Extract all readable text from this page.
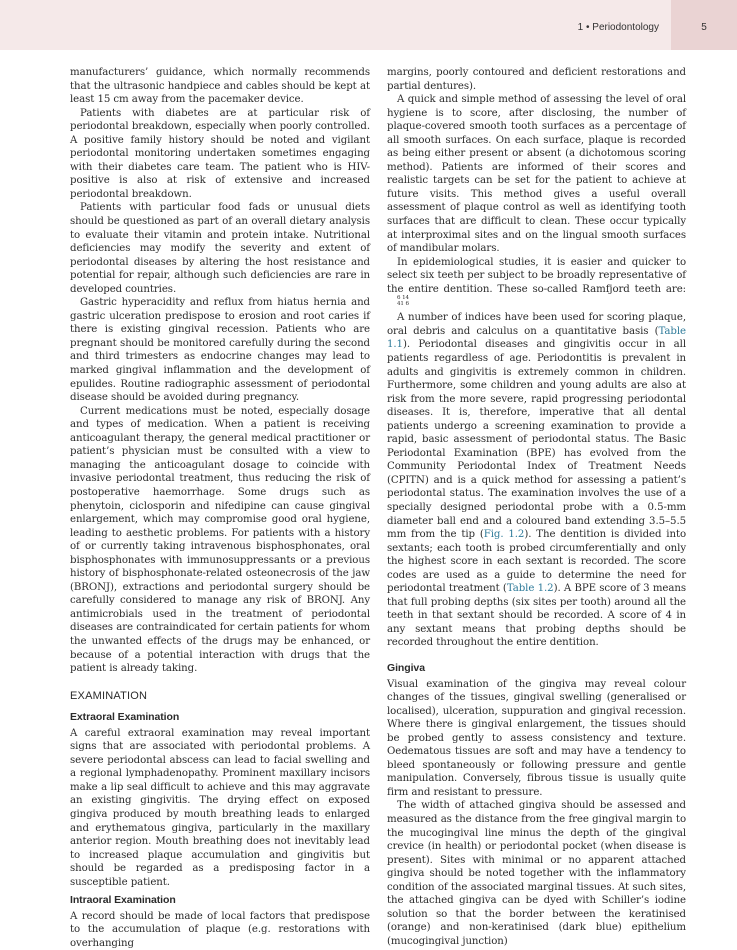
1 • Periodontology	5

manufacturers’ guidance, which normally recommends that the ultrasonic handpiece and cables should be kept at least 15 cm away from the pacemaker device.

Patients with diabetes are at particular risk of periodontal breakdown, especially when poorly controlled. A positive family history should be noted and vigilant periodontal monitoring undertaken sometimes engaging with their diabetes care team. The patient who is HIV-positive is also at risk of extensive and increased periodontal breakdown.

Patients with particular food fads or unusual diets should be questioned as part of an overall dietary analysis to evaluate their vitamin and protein intake. Nutritional deficiencies may modify the severity and extent of periodontal diseases by altering the host resistance and potential for repair, although such deficiencies are rare in developed countries.

Gastric hyperacidity and reflux from hiatus hernia and gastric ulceration predispose to erosion and root caries if there is existing gingival recession. Patients who are pregnant should be monitored carefully during the second and third trimesters as endocrine changes may lead to marked gingival inflammation and the development of epulides. Routine radiographic assessment of periodontal disease should be avoided during pregnancy.

Current medications must be noted, especially dosage and types of medication. When a patient is receiving anticoagulant therapy, the general medical practitioner or patient’s physician must be consulted with a view to managing the anticoagulant dosage to coincide with invasive periodontal treatment, thus reducing the risk of postoperative haemorrhage. Some drugs such as phenytoin, ciclosporin and nifedipine can cause gingival enlargement, which may compromise good oral hygiene, leading to aesthetic problems. For patients with a history of or currently taking intravenous bisphosphonates, oral bisphosphonates with immunosuppressants or a previous history of bisphosphonate-related osteonecrosis of the jaw (BRONJ), extractions and periodontal surgery should be carefully considered to manage any risk of BRONJ. Any antimicrobials used in the treatment of periodontal diseases are contraindicated for certain patients for whom the unwanted effects of the drugs may be enhanced, or because of a potential interaction with drugs that the patient is already taking.

EXAMINATION
Extraoral Examination

A careful extraoral examination may reveal important signs that are associated with periodontal problems. A severe periodontal abscess can lead to facial swelling and a regional lymphadenopathy. Prominent maxillary incisors make a lip seal difficult to achieve and this may aggravate an existing gingivitis. The drying effect on exposed gingiva produced by mouth breathing leads to enlarged and erythematous gingiva, particularly in the maxillary anterior region. Mouth breathing does not inevitably lead to increased plaque accumulation and gingivitis but should be regarded as a predisposing factor in a susceptible patient.

Intraoral Examination

A record should be made of local factors that predispose to the accumulation of plaque (e.g. restorations with overhanging

margins, poorly contoured and deficient restorations and partial dentures).

A quick and simple method of assessing the level of oral hygiene is to score, after disclosing, the number of plaque-covered smooth tooth surfaces as a percentage of all smooth surfaces. On each surface, plaque is recorded as being either present or absent (a dichotomous scoring method). Patients are informed of their scores and realistic targets can be set for the patient to achieve at future visits. This method gives a useful overall assessment of plaque control as well as identifying tooth surfaces that are difficult to clean. These occur typically at interproximal sites and on the lingual smooth surfaces of mandibular molars.

In epidemiological studies, it is easier and quicker to select six teeth per subject to be broadly representative of the entire dentition. These so-called Ramfjord teeth are:
6 14
41 6

A number of indices have been used for scoring plaque, oral debris and calculus on a quantitative basis (Table 1.1). Periodontal diseases and gingivitis occur in all patients regardless of age. Periodontitis is prevalent in adults and gingivitis is extremely common in children. Furthermore, some children and young adults are also at risk from the more severe, rapid progressing periodontal diseases. It is, therefore, imperative that all dental patients undergo a screening examination to provide a rapid, basic assessment of periodontal status. The Basic Periodontal Examination (BPE) has evolved from the Community Periodontal Index of Treatment Needs (CPITN) and is a quick method for assessing a patient’s periodontal status. The examination involves the use of a specially designed periodontal probe with a 0.5-mm diameter ball end and a coloured band extending 3.5–5.5 mm from the tip (Fig. 1.2). The dentition is divided into sextants; each tooth is probed circumferentially and only the highest score in each sextant is recorded. The score codes are used as a guide to determine the need for periodontal treatment (Table 1.2). A BPE score of 3 means that full probing depths (six sites per tooth) around all the teeth in that sextant should be recorded. A score of 4 in any sextant means that probing depths should be recorded throughout the entire dentition.

Gingiva

Visual examination of the gingiva may reveal colour changes of the tissues, gingival swelling (generalised or localised), ulceration, suppuration and gingival recession. Where there is gingival enlargement, the tissues should be probed gently to assess consistency and texture. Oedematous tissues are soft and may have a tendency to bleed spontaneously or following pressure and gentle manipulation. Conversely, fibrous tissue is usually quite firm and resistant to pressure.

The width of attached gingiva should be assessed and measured as the distance from the free gingival margin to the mucogingival line minus the depth of the gingival crevice (in health) or periodontal pocket (when disease is present). Sites with minimal or no apparent attached gingiva should be noted together with the inflammatory condition of the associated marginal tissues. At such sites, the attached gingiva can be dyed with Schiller’s iodine solution so that the border between the keratinised (orange) and non-keratinised (dark blue) epithelium (mucogingival junction)
